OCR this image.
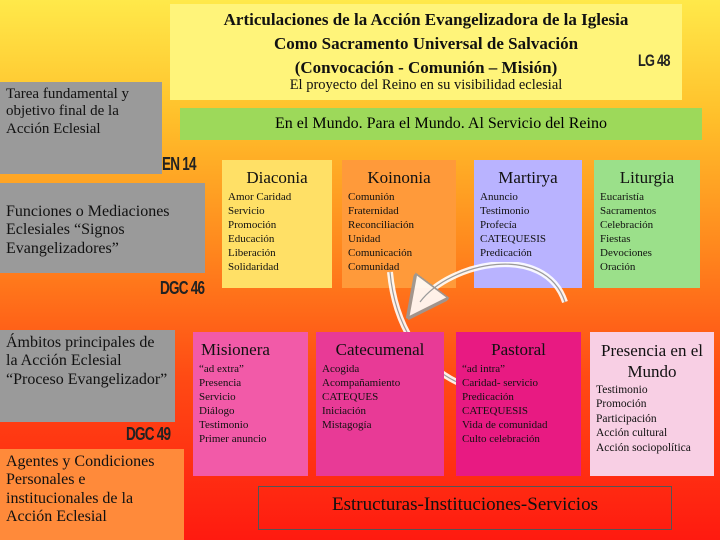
Articulaciones de la Acción Evangelizadora de la Iglesia
Como Sacramento Universal de Salvación
(Convocación - Comunión – Misión)	LG 48
El proyecto del Reino en su visibilidad eclesial
Tarea fundamental y objetivo final de la Acción Eclesial
EN 14
Funciones o Mediaciones Eclesiales “Signos Evangelizadores”
DGC 46
Ámbitos principales de la Acción Eclesial “Proceso Evangelizador”
DGC 49
Agentes y Condiciones Personales e institucionales de la Acción Eclesial
En el Mundo. Para el Mundo. Al Servicio del Reino
Diaconia
Amor Caridad
Servicio
Promoción
Educación
Liberación
Solidaridad
Koinonia
Comunión
Fraternidad
Reconciliación
Unidad
Comunicación
Comunidad
Martirya
Anuncio
Testimonio
Profecía
CATEQUESIS
Predicación
Liturgia
Eucaristía
Sacramentos
Celebración
Fiestas
Devociones
Oración
Misionera
“ad extra”
Presencia
Servicio
Diálogo
Testimonio
Primer anuncio
Catecumenal
Acogida
Acompañamiento
CATEQUES
Iniciación
Mistagogía
Pastoral
“ad intra”
Caridad- servicio
Predicación
CATEQUESIS
Vida de comunidad
Culto celebración
Presencia en el Mundo
Testimonio
Promoción
Participación
Acción cultural
Acción sociopolítica
Estructuras-Instituciones-Servicios
